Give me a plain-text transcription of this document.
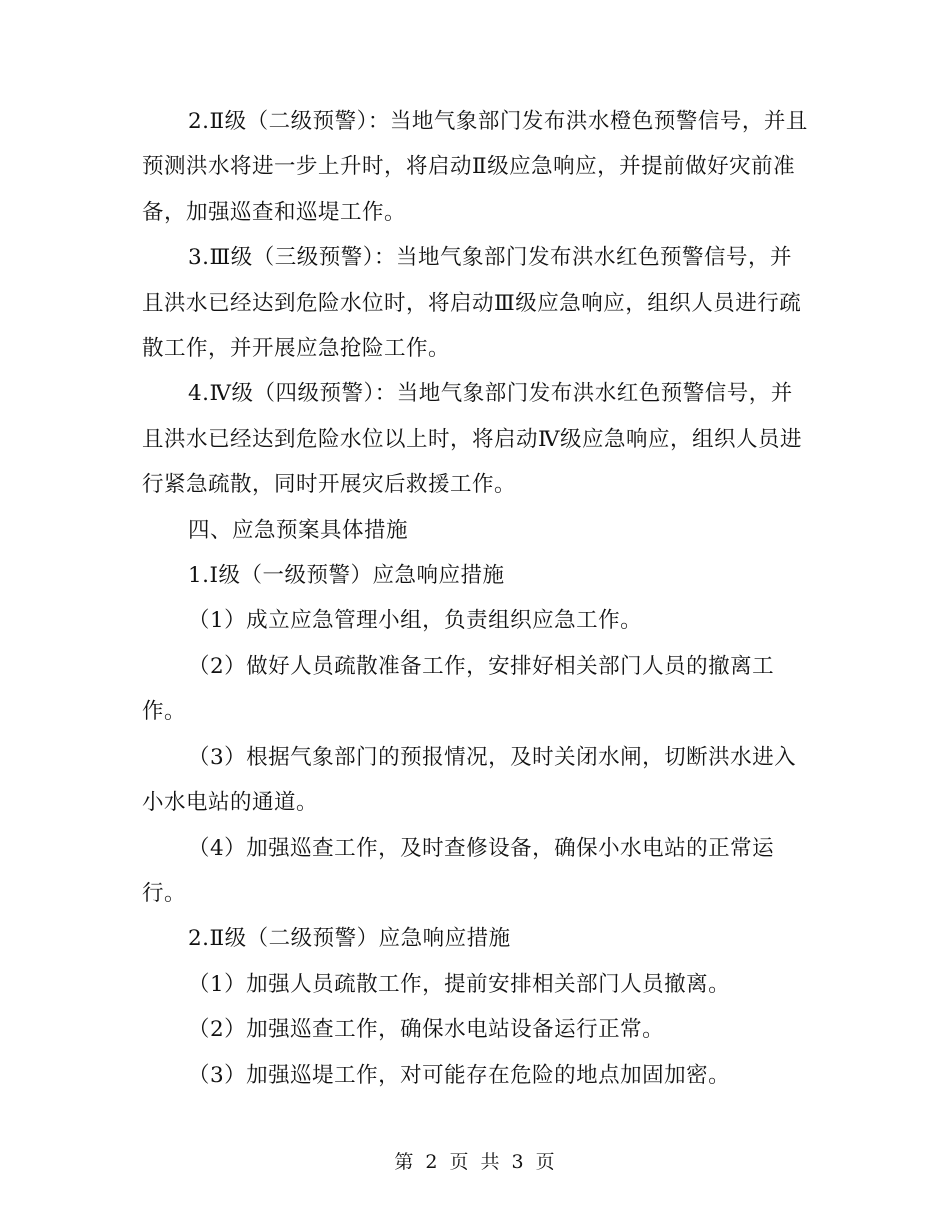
2.Ⅱ级（二级预警）：当地气象部门发布洪水橙色预警信号，并且预测洪水将进一步上升时，将启动Ⅱ级应急响应，并提前做好灾前准备，加强巡查和巡堤工作。

3.Ⅲ级（三级预警）：当地气象部门发布洪水红色预警信号，并且洪水已经达到危险水位时，将启动Ⅲ级应急响应，组织人员进行疏散工作，并开展应急抢险工作。

4.Ⅳ级（四级预警）：当地气象部门发布洪水红色预警信号，并且洪水已经达到危险水位以上时，将启动Ⅳ级应急响应，组织人员进行紧急疏散，同时开展灾后救援工作。

四、应急预案具体措施

1.Ⅰ级（一级预警）应急响应措施

（1）成立应急管理小组，负责组织应急工作。

（2）做好人员疏散准备工作，安排好相关部门人员的撤离工作。

（3）根据气象部门的预报情况，及时关闭水闸，切断洪水进入小水电站的通道。

（4）加强巡查工作，及时查修设备，确保小水电站的正常运行。

2.Ⅱ级（二级预警）应急响应措施

（1）加强人员疏散工作，提前安排相关部门人员撤离。

（2）加强巡查工作，确保水电站设备运行正常。

（3）加强巡堤工作，对可能存在危险的地点加固加密。

第 2 页 共 3 页
